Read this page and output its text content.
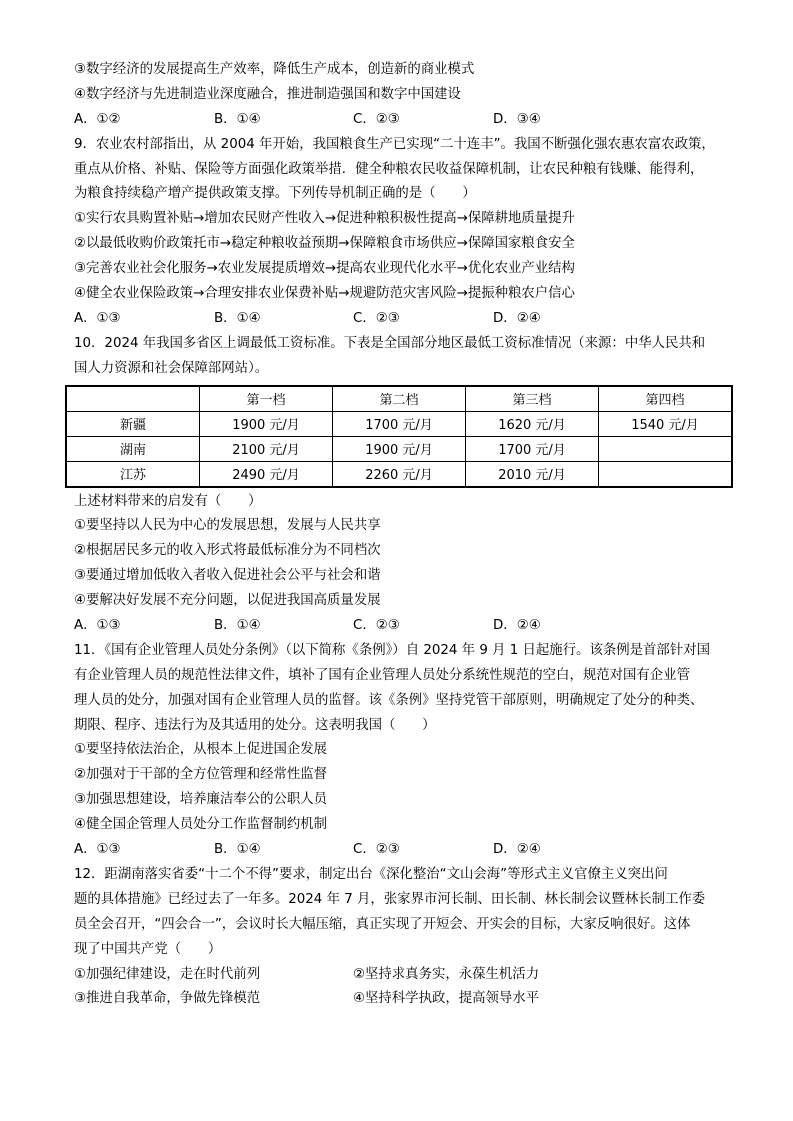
③数字经济的发展提高生产效率，降低生产成本，创造新的商业模式
④数字经济与先进制造业深度融合，推进制造强国和数字中国建设
A．①②	B．①④	C．②③	D．③④
9．农业农村部指出，从 2004 年开始，我国粮食生产已实现“二十连丰”。我国不断强化强农惠农富农政策，
重点从价格、补贴、保险等方面强化政策举措．健全种粮农民收益保障机制，让农民种粮有钱赚、能得利，
为粮食持续稳产增产提供政策支撑。下列传导机制正确的是（　　）
①实行农具购置补贴→增加农民财产性收入→促进种粮积极性提高→保障耕地质量提升
②以最低收购价政策托市→稳定种粮收益预期→保障粮食市场供应→保障国家粮食安全
③完善农业社会化服务→农业发展提质增效→提高农业现代化水平→优化农业产业结构
④健全农业保险政策→合理安排农业保费补贴→规避防范灾害风险→提振种粮农户信心
A．①③	B．①④	C．②③	D．②④
10．2024 年我国多省区上调最低工资标准。下表是全国部分地区最低工资标准情况（来源：中华人民共和
国人力资源和社会保障部网站）。
	第一档	第二档	第三档	第四档
新疆	1900 元/月	1700 元/月	1620 元/月	1540 元/月
湖南	2100 元/月	1900 元/月	1700 元/月	
江苏	2490 元/月	2260 元/月	2010 元/月	
上述材料带来的启发有（　　）
①要坚持以人民为中心的发展思想，发展与人民共享
②根据居民多元的收入形式将最低标准分为不同档次
③要通过增加低收入者收入促进社会公平与社会和谐
④要解决好发展不充分问题，以促进我国高质量发展
A．①③	B．①④	C．②③	D．②④
11．《国有企业管理人员处分条例》（以下简称《条例》）自 2024 年 9 月 1 日起施行。该条例是首部针对国
有企业管理人员的规范性法律文件，填补了国有企业管理人员处分系统性规范的空白，规范对国有企业管
理人员的处分，加强对国有企业管理人员的监督。该《条例》坚持党管干部原则，明确规定了处分的种类、
期限、程序、违法行为及其适用的处分。这表明我国（　　）
①要坚持依法治企，从根本上促进国企发展
②加强对于干部的全方位管理和经常性监督
③加强思想建设，培养廉洁奉公的公职人员
④健全国企管理人员处分工作监督制约机制
A．①③	B．①④	C．②③	D．②④
12．距湖南落实省委“十二个不得”要求，制定出台《深化整治“文山会海”等形式主义官僚主义突出问
题的具体措施》已经过去了一年多。2024 年 7 月，张家界市河长制、田长制、林长制会议暨林长制工作委
员全会召开，“四会合一”，会议时长大幅压缩，真正实现了开短会、开实会的目标，大家反响很好。这体
现了中国共产党（　　）
①加强纪律建设，走在时代前列	②坚持求真务实，永葆生机活力
③推进自我革命，争做先锋模范	④坚持科学执政，提高领导水平
